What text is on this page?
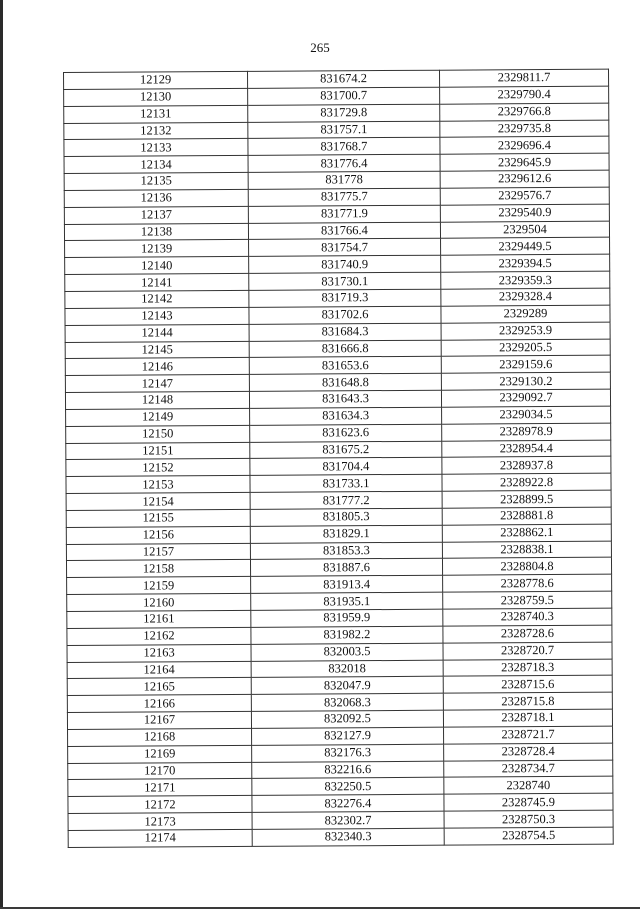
265
12129	831674.2	2329811.7
12130	831700.7	2329790.4
12131	831729.8	2329766.8
12132	831757.1	2329735.8
12133	831768.7	2329696.4
12134	831776.4	2329645.9
12135	831778	2329612.6
12136	831775.7	2329576.7
12137	831771.9	2329540.9
12138	831766.4	2329504
12139	831754.7	2329449.5
12140	831740.9	2329394.5
12141	831730.1	2329359.3
12142	831719.3	2329328.4
12143	831702.6	2329289
12144	831684.3	2329253.9
12145	831666.8	2329205.5
12146	831653.6	2329159.6
12147	831648.8	2329130.2
12148	831643.3	2329092.7
12149	831634.3	2329034.5
12150	831623.6	2328978.9
12151	831675.2	2328954.4
12152	831704.4	2328937.8
12153	831733.1	2328922.8
12154	831777.2	2328899.5
12155	831805.3	2328881.8
12156	831829.1	2328862.1
12157	831853.3	2328838.1
12158	831887.6	2328804.8
12159	831913.4	2328778.6
12160	831935.1	2328759.5
12161	831959.9	2328740.3
12162	831982.2	2328728.6
12163	832003.5	2328720.7
12164	832018	2328718.3
12165	832047.9	2328715.6
12166	832068.3	2328715.8
12167	832092.5	2328718.1
12168	832127.9	2328721.7
12169	832176.3	2328728.4
12170	832216.6	2328734.7
12171	832250.5	2328740
12172	832276.4	2328745.9
12173	832302.7	2328750.3
12174	832340.3	2328754.5
